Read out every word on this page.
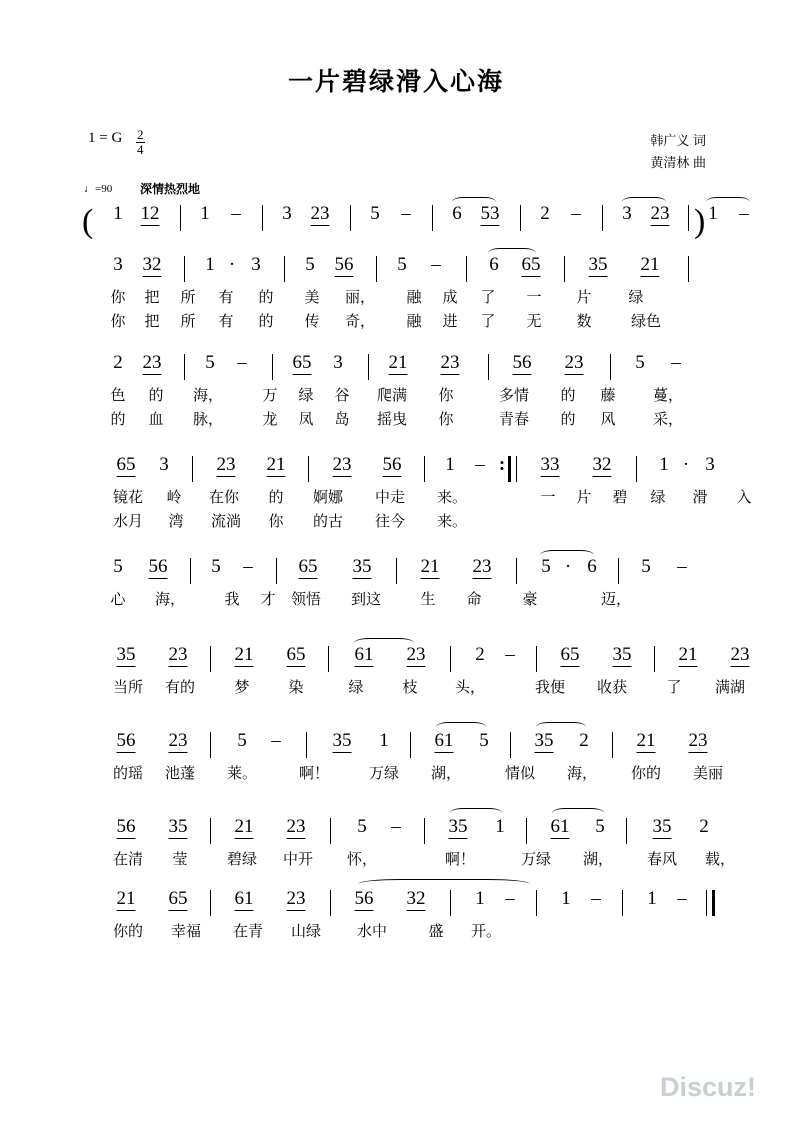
一片碧绿滑入心海
1 = G $\frac{2}{4}$	韩广义 词
黄清林 曲
♩=90 深情热烈地
(	)
1 12 1 – 3 23 5 – 6 53 2 – 3 23 1 –
3 32 1 · 3 5 56 5 –	6 65	35 21
你 把 所 有 的 美 丽， 融 成 了 一 片 绿
你 把 所 有 的 传 奇， 融 进 了 无 数	绿色
2 23 5 – 65 3 21 23	56 23	5 –
色 的 海，	万 绿 谷 爬满 你	多情 的 藤 蔓，
的 血 脉，	龙 凤 岛 摇曳 你	青春 的 风 采，
65 3	23 21 23 56 1 – : 33 32	1 · 3
镜花 岭 在你 的 婀娜 中走 来。	一 片 碧 绿 滑 入
水月 湾 流淌 你 的古 往今 来。
5 56 5 – 65 35	21 23	5 · 6 5 –
心 海，	我 才 领悟 到这	生 命	豪	迈，
35 23 21 65	61 23	2 – 65 35 21 23
当所 有的	梦	染	绿	枝 头，	我便 收获	了 满湖
56 23	5 –	35 1 61 5 35 2	21 23
的瑶 池蓬 莱。	啊！	万绿 湖，	情似 海， 你的 美丽
56 35 21 23	5 –	35 1 61 5	35 2
在清 莹	碧绿 中开 怀，	啊！	万绿 湖， 春风 载，
21 65 61 23	56 32	1 – 1 – 1 –
你的 幸福 在青 山绿 水中	盛 开。
Discuz!
